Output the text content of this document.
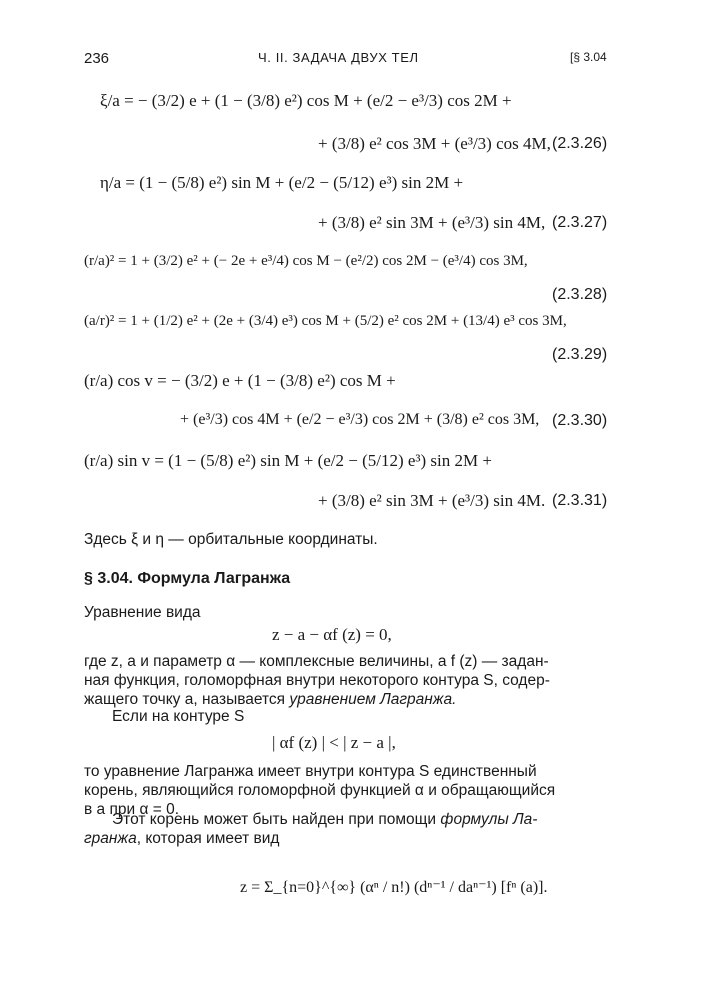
236	Ч. II. ЗАДАЧА ДВУХ ТЕЛ	[§ 3.04
ξ/a = − (3/2) e + (1 − (3/8) e²) cos M + (e/2 − e³/3) cos 2M +
+ (3/8) e² cos 3M + (e³/3) cos 4M, (2.3.26)
η/a = (1 − (5/8) e²) sin M + (e/2 − (5/12) e³) sin 2M +
+ (3/8) e² sin 3M + (e³/3) sin 4M, (2.3.27)
(r/a)² = 1 + (3/2) e² + (− 2e + e³/4) cos M − (e²/2) cos 2M − (e³/4) cos 3M,
(2.3.28)
(a/r)² = 1 + (1/2) e² + (2e + (3/4) e³) cos M + (5/2) e² cos 2M + (13/4) e³ cos 3M,
(2.3.29)
(r/a) cos v = − (3/2) e + (1 − (3/8) e²) cos M +
+ (e³/3) cos 4M + (e/2 − e³/3) cos 2M + (3/8) e² cos 3M, (2.3.30)
(r/a) sin v = (1 − (5/8) e²) sin M + (e/2 − (5/12) e³) sin 2M +
+ (3/8) e² sin 3M + (e³/3) sin 4M. (2.3.31)
Здесь ξ и η — орбитальные координаты.
§ 3.04. Формула Лагранжа
Уравнение вида
z − a − αf (z) = 0,
где z, a и параметр α — комплексные величины, а f (z) — задан-
ная функция, голоморфная внутри некоторого контура S, содер-
жащего точку a, называется уравнением Лагранжа.
Если на контуре S
| αf (z) | < | z − a |,
то уравнение Лагранжа имеет внутри контура S единственный
корень, являющийся голоморфной функцией α и обращающийся
в a при α = 0.
Этот корень может быть найден при помощи формулы Ла-
гранжа, которая имеет вид
z = Σ_{n=0}^{∞} (αⁿ / n!) (dⁿ⁻¹ / daⁿ⁻¹) [fⁿ (a)].
